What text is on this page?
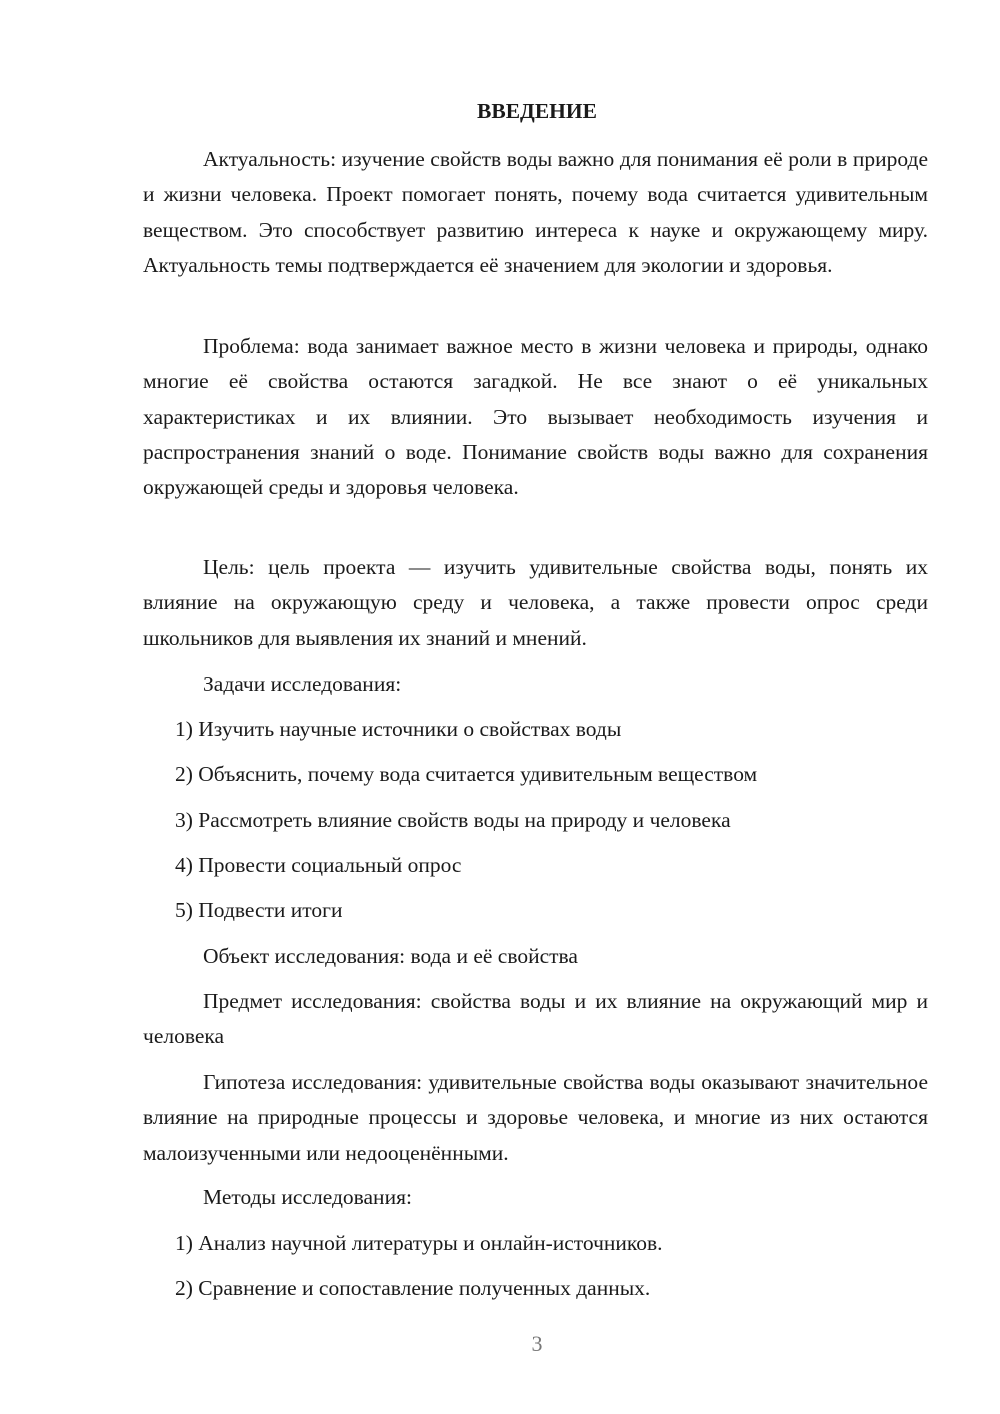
ВВЕДЕНИЕ

Актуальность: изучение свойств воды важно для понимания её роли в природе и жизни человека. Проект помогает понять, почему вода считается удивительным веществом. Это способствует развитию интереса к науке и окружающему миру. Актуальность темы подтверждается её значением для экологии и здоровья.

Проблема: вода занимает важное место в жизни человека и природы, однако многие её свойства остаются загадкой. Не все знают о её уникальных характеристиках и их влиянии. Это вызывает необходимость изучения и распространения знаний о воде. Понимание свойств воды важно для сохранения окружающей среды и здоровья человека.

Цель: цель проекта — изучить удивительные свойства воды, понять их влияние на окружающую среду и человека, а также провести опрос среди школьников для выявления их знаний и мнений.

Задачи исследования:
1) Изучить научные источники о свойствах воды
2) Объяснить, почему вода считается удивительным веществом
3) Рассмотреть влияние свойств воды на природу и человека
4) Провести социальный опрос
5) Подвести итоги
Объект исследования: вода и её свойства

Предмет исследования: свойства воды и их влияние на окружающий мир и человека

Гипотеза исследования: удивительные свойства воды оказывают значительное влияние на природные процессы и здоровье человека, и многие из них остаются малоизученными или недооценёнными.

Методы исследования:
1) Анализ научной литературы и онлайн-источников.
2) Сравнение и сопоставление полученных данных.
3
